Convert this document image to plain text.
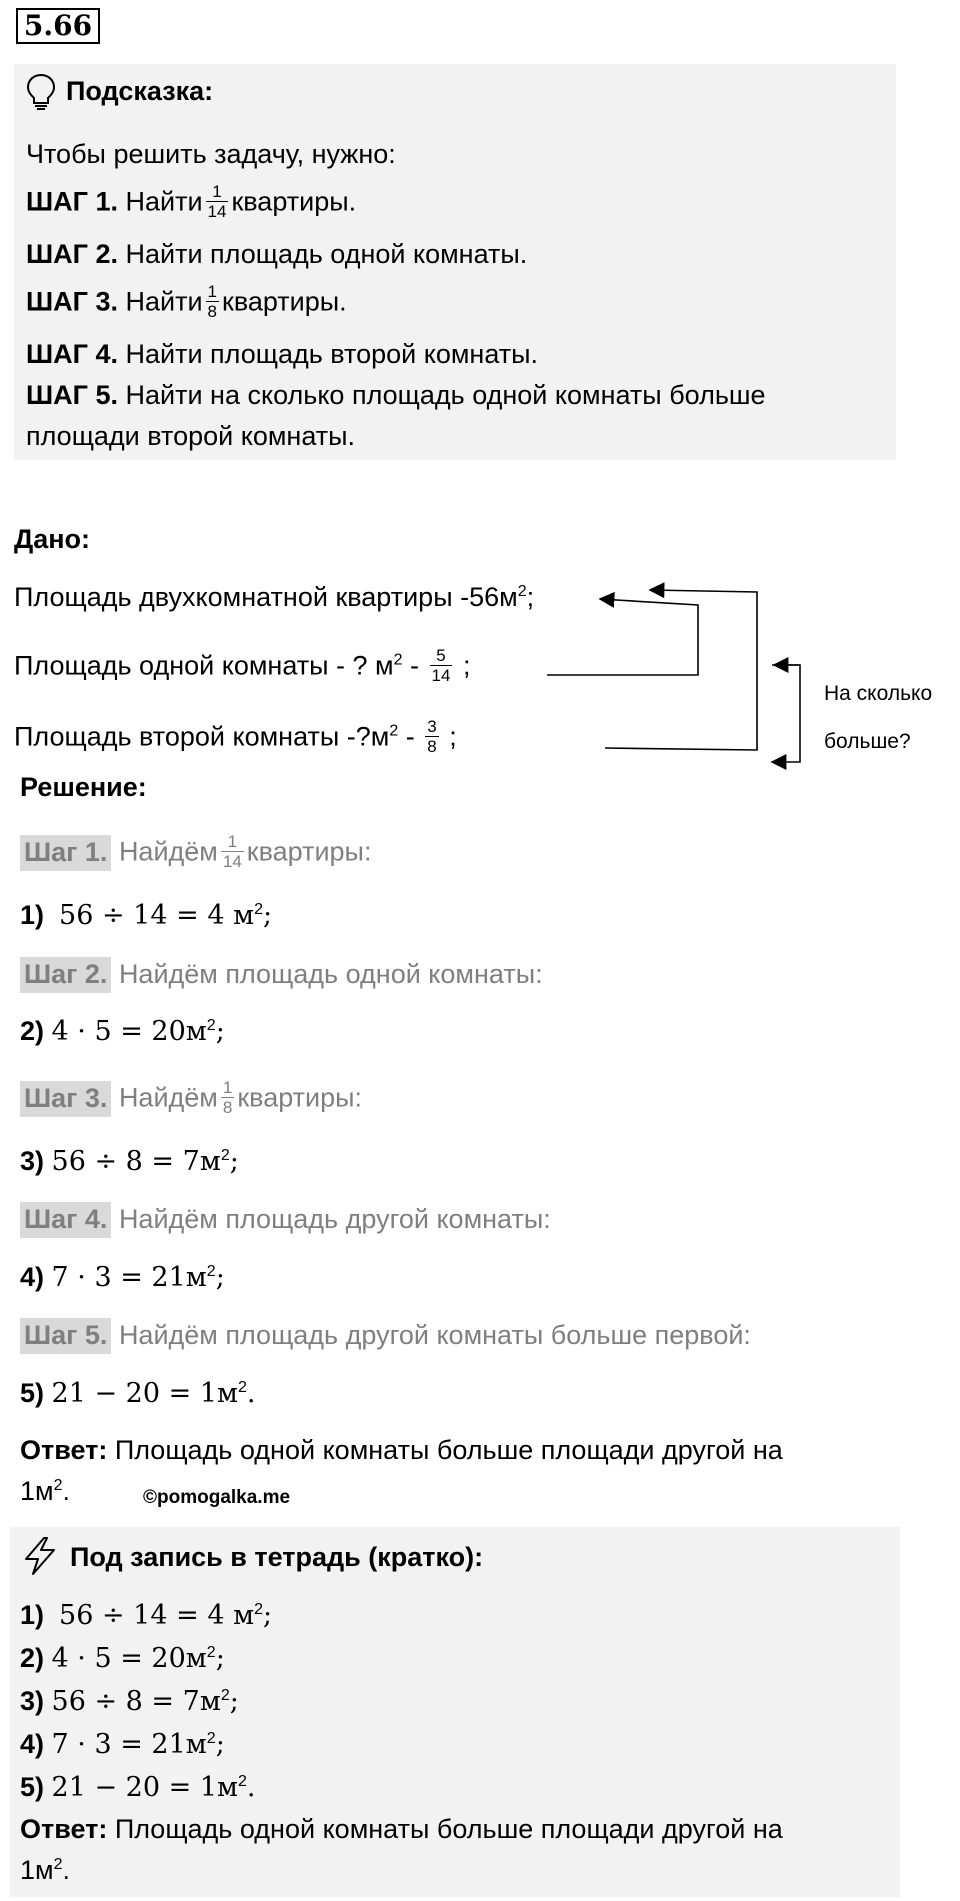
5.66
Подсказка:
Чтобы решить задачу, нужно:
ШАГ 1. Найти $\frac{1}{14}$ квартиры.
ШАГ 2. Найти площадь одной комнаты.
ШАГ 3. Найти $\frac{1}{8}$ квартиры.
ШАГ 4. Найти площадь второй комнаты.
ШАГ 5. Найти на сколько площадь одной комнаты больше
площади второй комнаты.
Дано:
Площадь двухкомнатной квартиры $-56м^2$;
Площадь одной комнаты - ? $м^2 - \frac{5}{14}$ ;
Площадь второй комнаты $-?м^2 - \frac{3}{8}$ ;
На сколько
больше?
Решение:
Шаг 1. Найдём $\frac{1}{14}$ квартиры:
1) 56 ÷ 14 = 4 $м^2$;
Шаг 2. Найдём площадь одной комнаты:
2) $4 \cdot 5 = 20м^2$;
Шаг 3. Найдём $\frac{1}{8}$ квартиры:
3) $56 \div 8 = 7м^2$;
Шаг 4. Найдём площадь другой комнаты:
4) $7 \cdot 3 = 21м^2$;
Шаг 5. Найдём площадь другой комнаты больше первой:
5) $21 - 20 = 1м^2$.
Ответ: Площадь одной комнаты больше площади другой на
$1м^2$.	©pomogalka.me
Под запись в тетрадь (кратко):
1) 56 ÷ 14 = 4 $м^2$;
2) $4 \cdot 5 = 20м^2$;
3) $56 \div 8 = 7м^2$;
4) $7 \cdot 3 = 21м^2$;
5) $21 - 20 = 1м^2$.
Ответ: Площадь одной комнаты больше площади другой на
$1м^2$.
